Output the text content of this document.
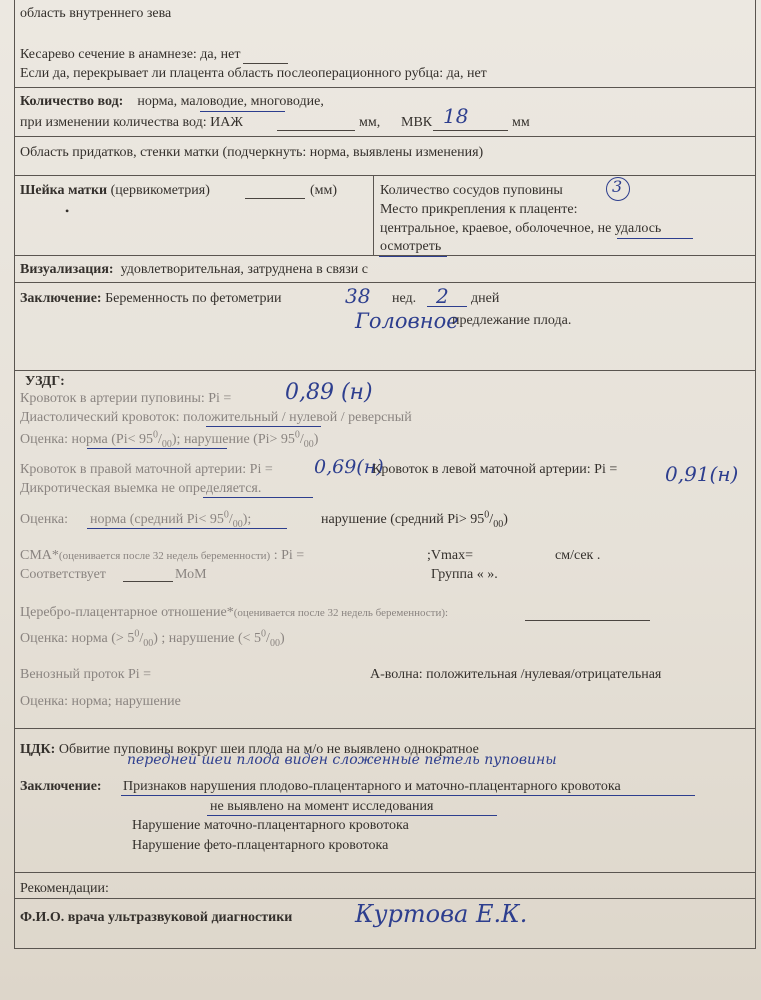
область внутреннего зева
Кесарево сечение в анамнезе: да, нет
Если да, перекрывает ли плацента область послеоперационного рубца: да, нет
Количество вод: норма, маловодие, многоводие,
при изменении количества вод: ИАЖ	мм, МВК 18	мм
Область придатков, стенки матки (подчеркнуть: норма, выявлены изменения)
Шейка матки (цервикометрия)	(мм)
•
Количество сосудов пуповины	3
Место прикрепления к плаценте:
центральное, краевое, оболочечное, не удалось
осмотреть
Визуализация: удовлетворительная, затруднена в связи с
Заключение: Беременность по фетометрии	38 нед. 2 дней
Головное
предлежание плода.
УЗДГ:
Кровоток в артерии пуповины: Pi = 0,89 (н)
Диастолический кровоток: положительный / нулевой / реверсный
Оценка: норма $(Pi< 95^0/_{00})$; нарушение $(Pi> 95^0/_{00})$
Кровоток в правой маточной артерии: Pi = 0,69(н)
Кровоток в левой маточной артерии: Pi = 0,91(н)
Дикротическая выемка не определяется.
Оценка: норма (средний $Pi< 95^0/_{00}$);	нарушение (средний $Pi> 95^0/_{00}$)
СМА*(оценивается после 32 недель беременности) : Pi =	;Vmax=	см/сек .
Соответствует	МоМ	Группа « ».
Церебро-плацентарное отношение*(оценивается после 32 недель беременности):
Оценка: норма (> $5^0/_{00}$) ; нарушение (< $5^0/_{00}$)
Венозный проток Pi =	А-волна: положительная /нулевая/отрицательная
Оценка: норма; нарушение
ЦДК: Обвитие пуповины вокруг шеи плода на м/о не выявлено однократное
передней шеи плода виден сложенные петель пуповины
Заключение: Признаков нарушения плодово-плацентарного и маточно-плацентарного кровотока
не выявлено на момент исследования
Нарушение маточно-плацентарного кровотока
Нарушение фето-плацентарного кровотока
Рекомендации:
Ф.И.О. врача ультразвуковой диагностики	Куртова Е.К.
